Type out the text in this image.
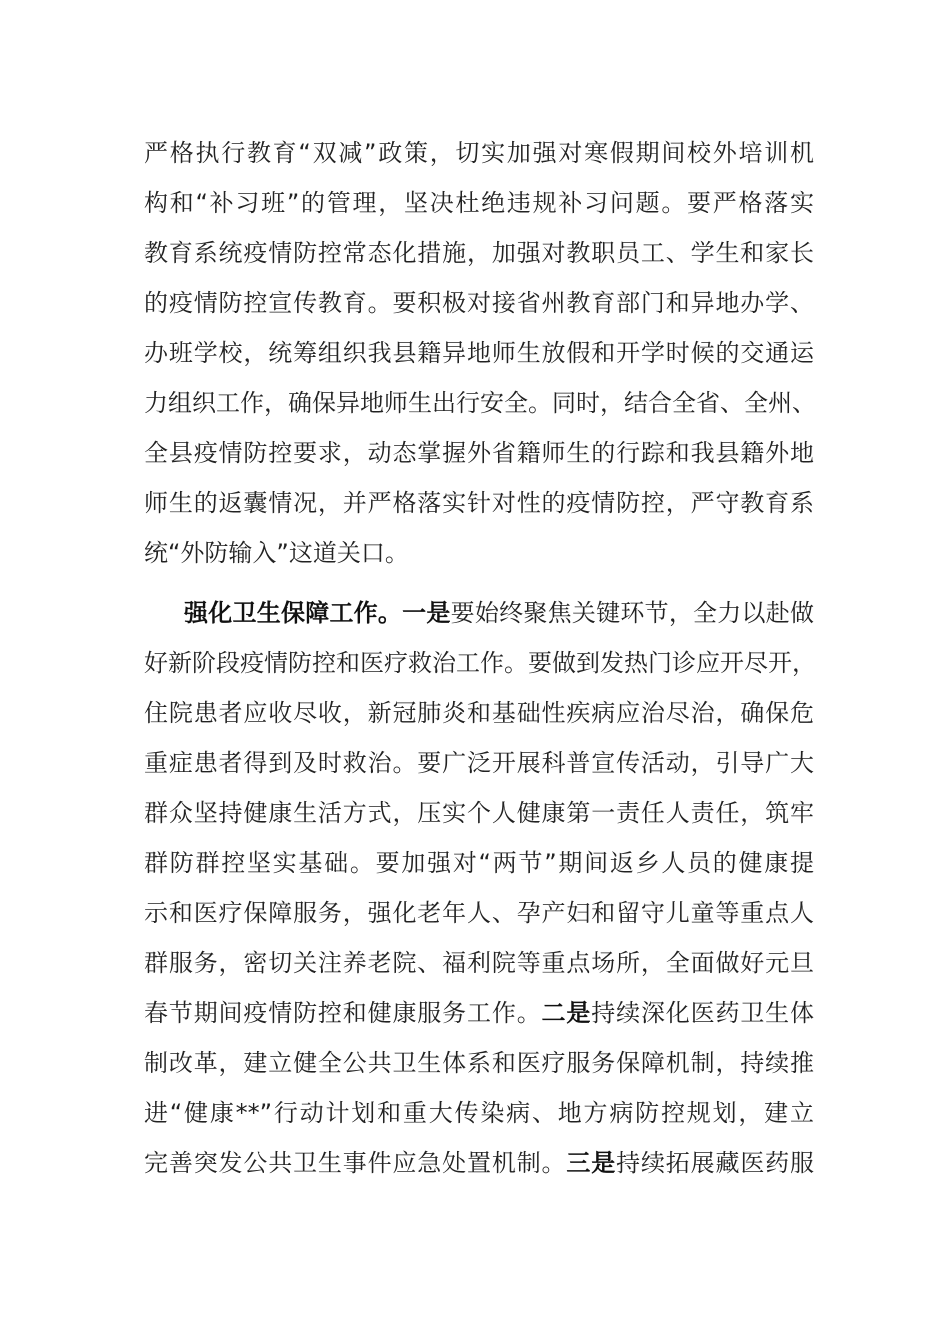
严格执行教育“双减”政策，切实加强对寒假期间校外培训机
构和“补习班”的管理，坚决杜绝违规补习问题。要严格落实
教育系统疫情防控常态化措施，加强对教职员工、学生和家长
的疫情防控宣传教育。要积极对接省州教育部门和异地办学、
办班学校，统筹组织我县籍异地师生放假和开学时候的交通运
力组织工作，确保异地师生出行安全。同时，结合全省、全州、
全县疫情防控要求，动态掌握外省籍师生的行踪和我县籍外地
师生的返囊情况，并严格落实针对性的疫情防控，严守教育系
统“外防输入”这道关口。
强化卫生保障工作。一是要始终聚焦关键环节，全力以赴做
好新阶段疫情防控和医疗救治工作。要做到发热门诊应开尽开，
住院患者应收尽收，新冠肺炎和基础性疾病应治尽治，确保危
重症患者得到及时救治。要广泛开展科普宣传活动，引导广大
群众坚持健康生活方式，压实个人健康第一责任人责任，筑牢
群防群控坚实基础。要加强对“两节”期间返乡人员的健康提
示和医疗保障服务，强化老年人、孕产妇和留守儿童等重点人
群服务，密切关注养老院、福利院等重点场所，全面做好元旦
春节期间疫情防控和健康服务工作。二是持续深化医药卫生体
制改革，建立健全公共卫生体系和医疗服务保障机制，持续推
进“健康**”行动计划和重大传染病、地方病防控规划，建立
完善突发公共卫生事件应急处置机制。三是持续拓展藏医药服
